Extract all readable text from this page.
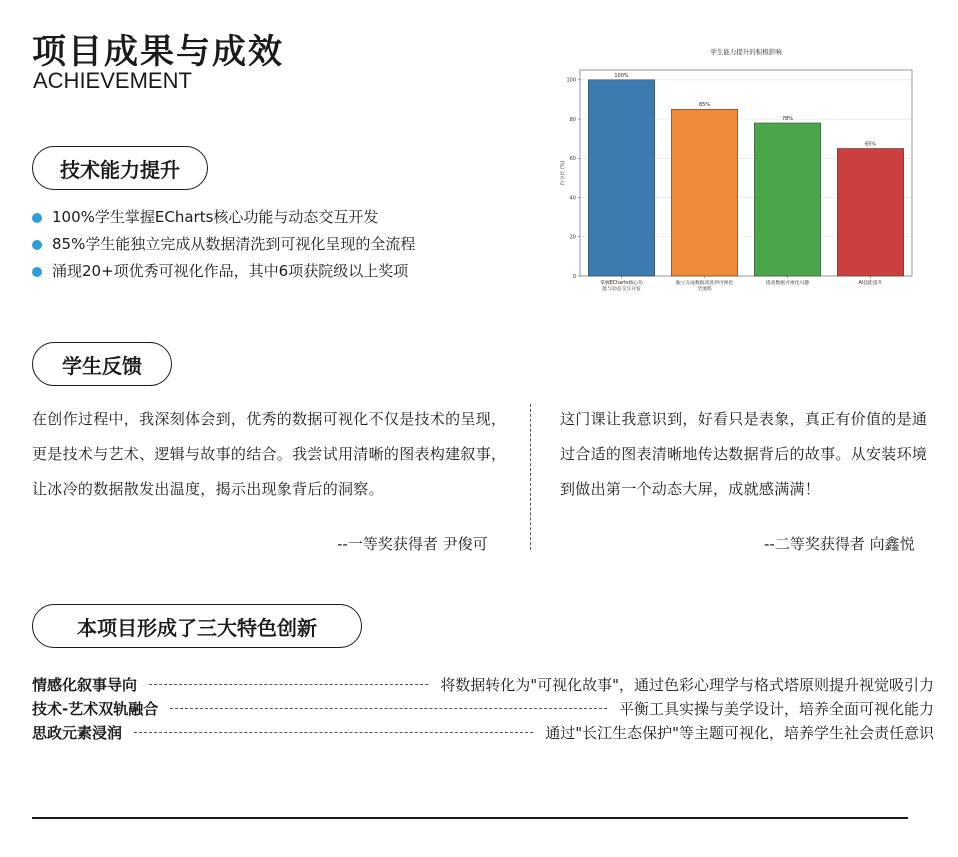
项目成果与成效
ACHIEVEMENT
学生能力提升的积极影响
0
20
40
60
80
100
百分比 (%)
100%
掌握ECharts核心功能与动态交互开发
85%
独立完成数据清洗到可视化全流程
78%
提高数据可视化兴趣
65%
AI技能提升
技术能力提升
100%学生掌握ECharts核心功能与动态交互开发
85%学生能独立完成从数据清洗到可视化呈现的全流程
涌现20+项优秀可视化作品，其中6项获院级以上奖项
学生反馈
在创作过程中，我深刻体会到，优秀的数据可视化不仅是技术的呈现，更是技术与艺术、逻辑与故事的结合。我尝试用清晰的图表构建叙事，让冰冷的数据散发出温度，揭示出现象背后的洞察。
--一等奖获得者 尹俊可
这门课让我意识到，好看只是表象，真正有价值的是通过合适的图表清晰地传达数据背后的故事。从安装环境到做出第一个动态大屏，成就感满满！
--二等奖获得者 向鑫悦
本项目形成了三大特色创新
情感化叙事导向	将数据转化为"可视化故事"，通过色彩心理学与格式塔原则提升视觉吸引力
技术-艺术双轨融合	平衡工具实操与美学设计，培养全面可视化能力
思政元素浸润	通过"长江生态保护"等主题可视化，培养学生社会责任意识
